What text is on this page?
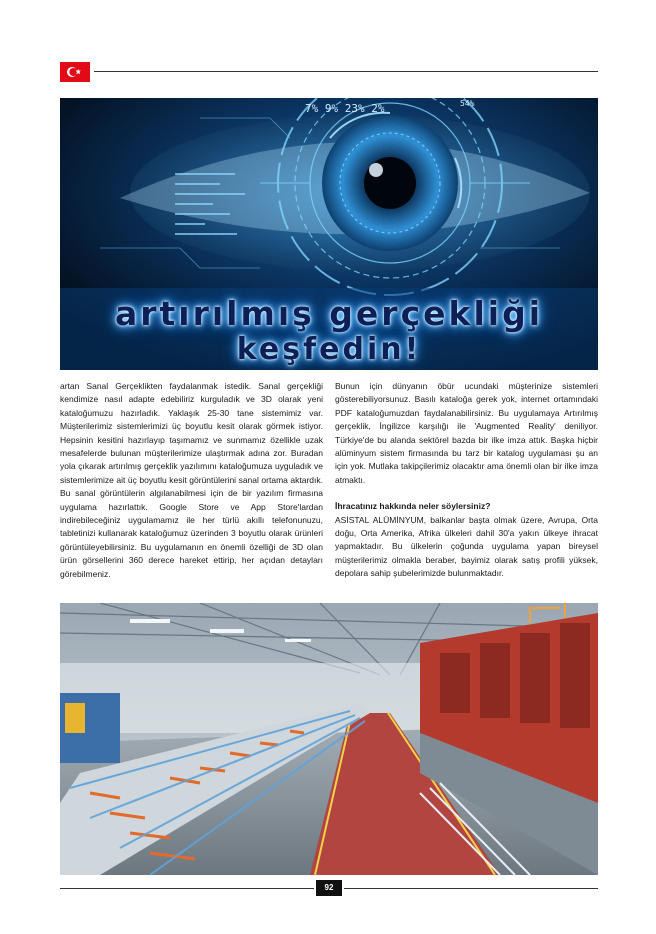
7% 9% 23% 2%	54%
artırılmış gerçekliği
keşfedin!

artan Sanal Gerçeklikten faydalanmak istedik. Sanal gerçekliği kendimize nasıl adapte edebiliriz kurguladık ve 3D olarak yeni kataloğumuzu hazırladık. Yaklaşık 25-30 tane sistemimiz var. Müşterilerimiz sistemlerimizi üç boyutlu kesit olarak görmek istiyor. Hepsinin kesitini hazırlayıp taşımamız ve sunmamız özellikle uzak mesafelerde bulunan müşterilerimize ulaştırmak adına zor. Buradan yola çıkarak artırılmış gerçeklik yazılımını kataloğumuza uyguladık ve sistemlerimize ait üç boyutlu kesit görüntülerini sanal ortama aktardık. Bu sanal görüntülerin algılanabilmesi için de bir yazılım firmasına uygulama hazırlattık. Google Store ve App Store'lardan indirebileceğiniz uygulamamız ile her türlü akıllı telefonunuzu, tabletinizi kullanarak kataloğumuz üzerinden 3 boyutlu olarak ürünleri görüntüleyebilirsiniz. Bu uygulamanın en önemli özelliği de 3D olan ürün görsellerini 360 derece hareket ettirip, her açıdan detayları görebilmeniz.

Bunun için dünyanın öbür ucundaki müşterinize sistemleri gösterebiliyorsunuz. Basılı kataloğa gerek yok, internet ortamındaki PDF kataloğumuzdan faydalanabilirsiniz. Bu uygulamaya Artırılmış gerçeklik, İngilizce karşılığı ile 'Augmented Reality' deniliyor. Türkiye'de bu alanda sektörel bazda bir ilke imza attık. Başka hiçbir alüminyum sistem firmasında bu tarz bir katalog uygulaması şu an için yok. Mutlaka takipçilerimiz olacaktır ama önemli olan bir ilke imza atmaktı.

İhracatınız hakkında neler söylersiniz?

ASİSTAL ALÜMİNYUM, balkanlar başta olmak üzere, Avrupa, Orta doğu, Orta Amerika, Afrika ülkeleri dahil 30'a yakın ülkeye ihracat yapmaktadır. Bu ülkelerin çoğunda uygulama yapan bireysel müşterilerimiz olmakla beraber, bayimiz olarak satış profili yüksek, depolara sahip şubelerimizde bulunmaktadır.

92
